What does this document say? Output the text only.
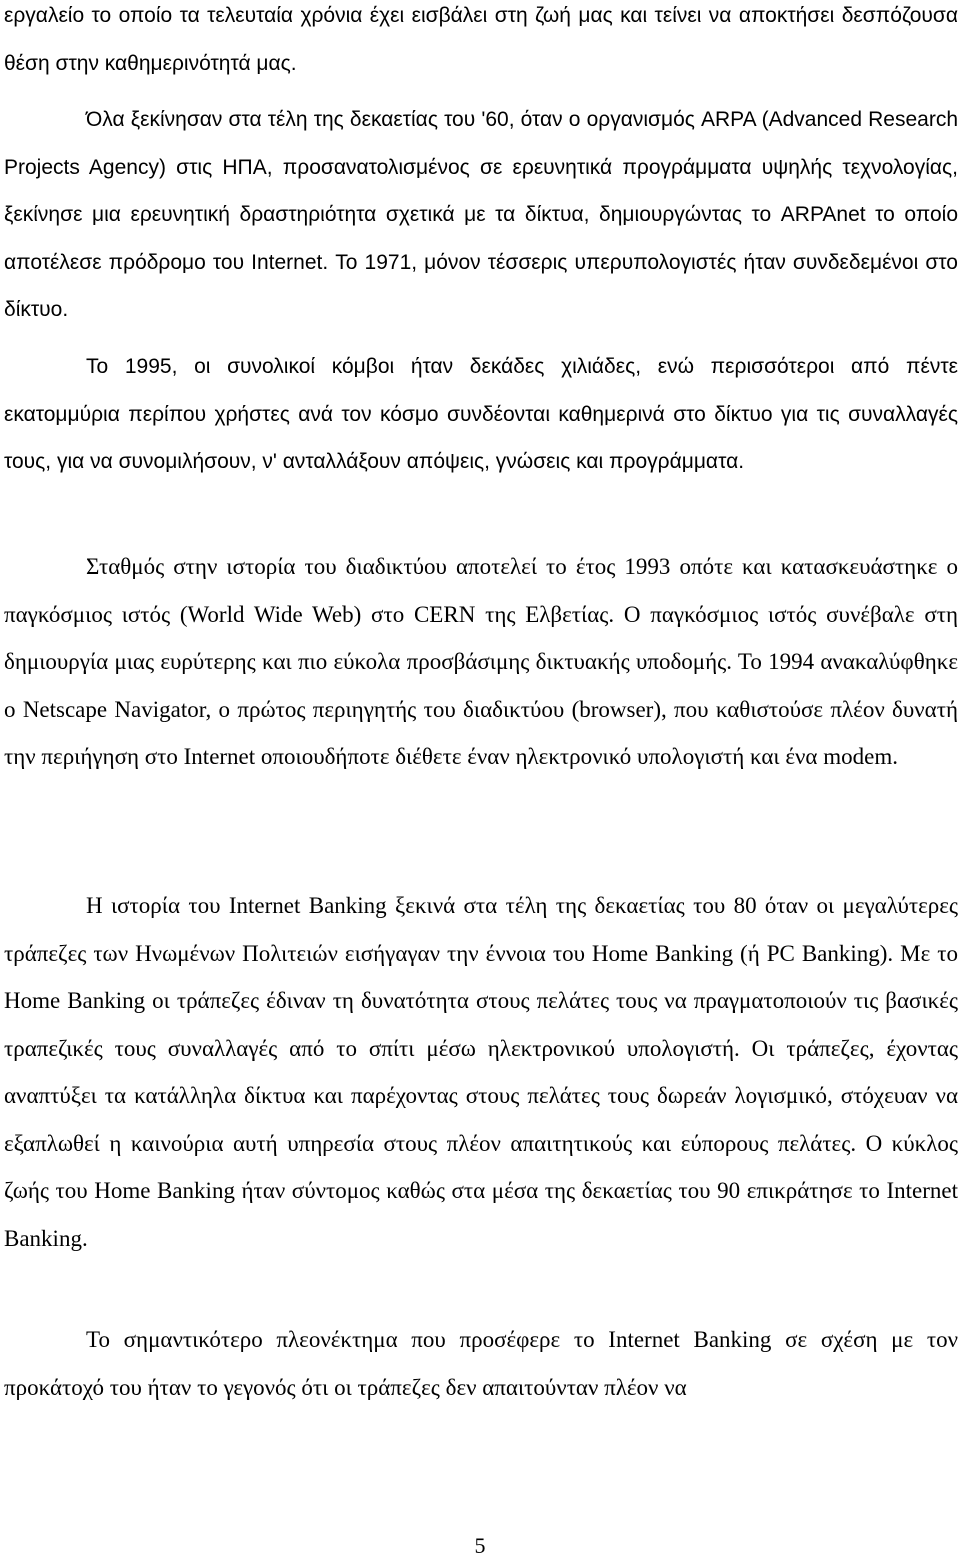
εργαλείο το οποίο τα τελευταία χρόνια έχει εισβάλει στη ζωή μας και τείνει να αποκτήσει δεσπόζουσα θέση στην καθημερινότητά μας.

Όλα ξεκίνησαν στα τέλη της δεκαετίας του '60, όταν ο οργανισμός ARPA (Advanced Research Projects Agency) στις ΗΠΑ, προσανατολισμένος σε ερευνητικά προγράμματα υψηλής τεχνολογίας, ξεκίνησε μια ερευνητική δραστηριότητα σχετικά με τα δίκτυα, δημιουργώντας το ARPAnet το οποίο αποτέλεσε πρόδρομο του Internet. Το 1971, μόνον τέσσερις υπερυπολογιστές ήταν συνδεδεμένοι στο δίκτυο.

Το 1995, οι συνολικοί κόμβοι ήταν δεκάδες χιλιάδες, ενώ περισσότεροι από πέντε εκατομμύρια περίπου χρήστες ανά τον κόσμο συνδέονται καθημερινά στο δίκτυο για τις συναλλαγές τους, για να συνομιλήσουν, ν' ανταλλάξουν απόψεις, γνώσεις και προγράμματα.

Σταθμός στην ιστορία του διαδικτύου αποτελεί το έτος 1993 οπότε και κατασκευάστηκε ο παγκόσμιος ιστός (World Wide Web) στο CERN της Ελβετίας. Ο παγκόσμιος ιστός συνέβαλε στη δημιουργία μιας ευρύτερης και πιο εύκολα προσβάσιμης δικτυακής υποδομής. Το 1994 ανακαλύφθηκε ο Netscape Navigator, ο πρώτος περιηγητής του διαδικτύου (browser), που καθιστούσε πλέον δυνατή την περιήγηση στο Internet οποιουδήποτε διέθετε έναν ηλεκτρονικό υπολογιστή και ένα modem.

Η ιστορία του Internet Banking ξεκινά στα τέλη της δεκαετίας του 80 όταν οι μεγαλύτερες τράπεζες των Ηνωμένων Πολιτειών εισήγαγαν την έννοια του Home Banking (ή PC Banking). Με το Home Banking οι τράπεζες έδιναν τη δυνατότητα στους πελάτες τους να πραγματοποιούν τις βασικές τραπεζικές τους συναλλαγές από το σπίτι μέσω ηλεκτρονικού υπολογιστή. Οι τράπεζες, έχοντας αναπτύξει τα κατάλληλα δίκτυα και παρέχοντας στους πελάτες τους δωρεάν λογισμικό, στόχευαν να εξαπλωθεί η καινούρια αυτή υπηρεσία στους πλέον απαιτητικούς και εύπορους πελάτες. Ο κύκλος ζωής του Home Banking ήταν σύντομος καθώς στα μέσα της δεκαετίας του 90 επικράτησε το Internet Banking.

Το σημαντικότερο πλεονέκτημα που προσέφερε το Internet Banking σε σχέση με τον προκάτοχό του ήταν το γεγονός ότι οι τράπεζες δεν απαιτούνταν πλέον να

5
